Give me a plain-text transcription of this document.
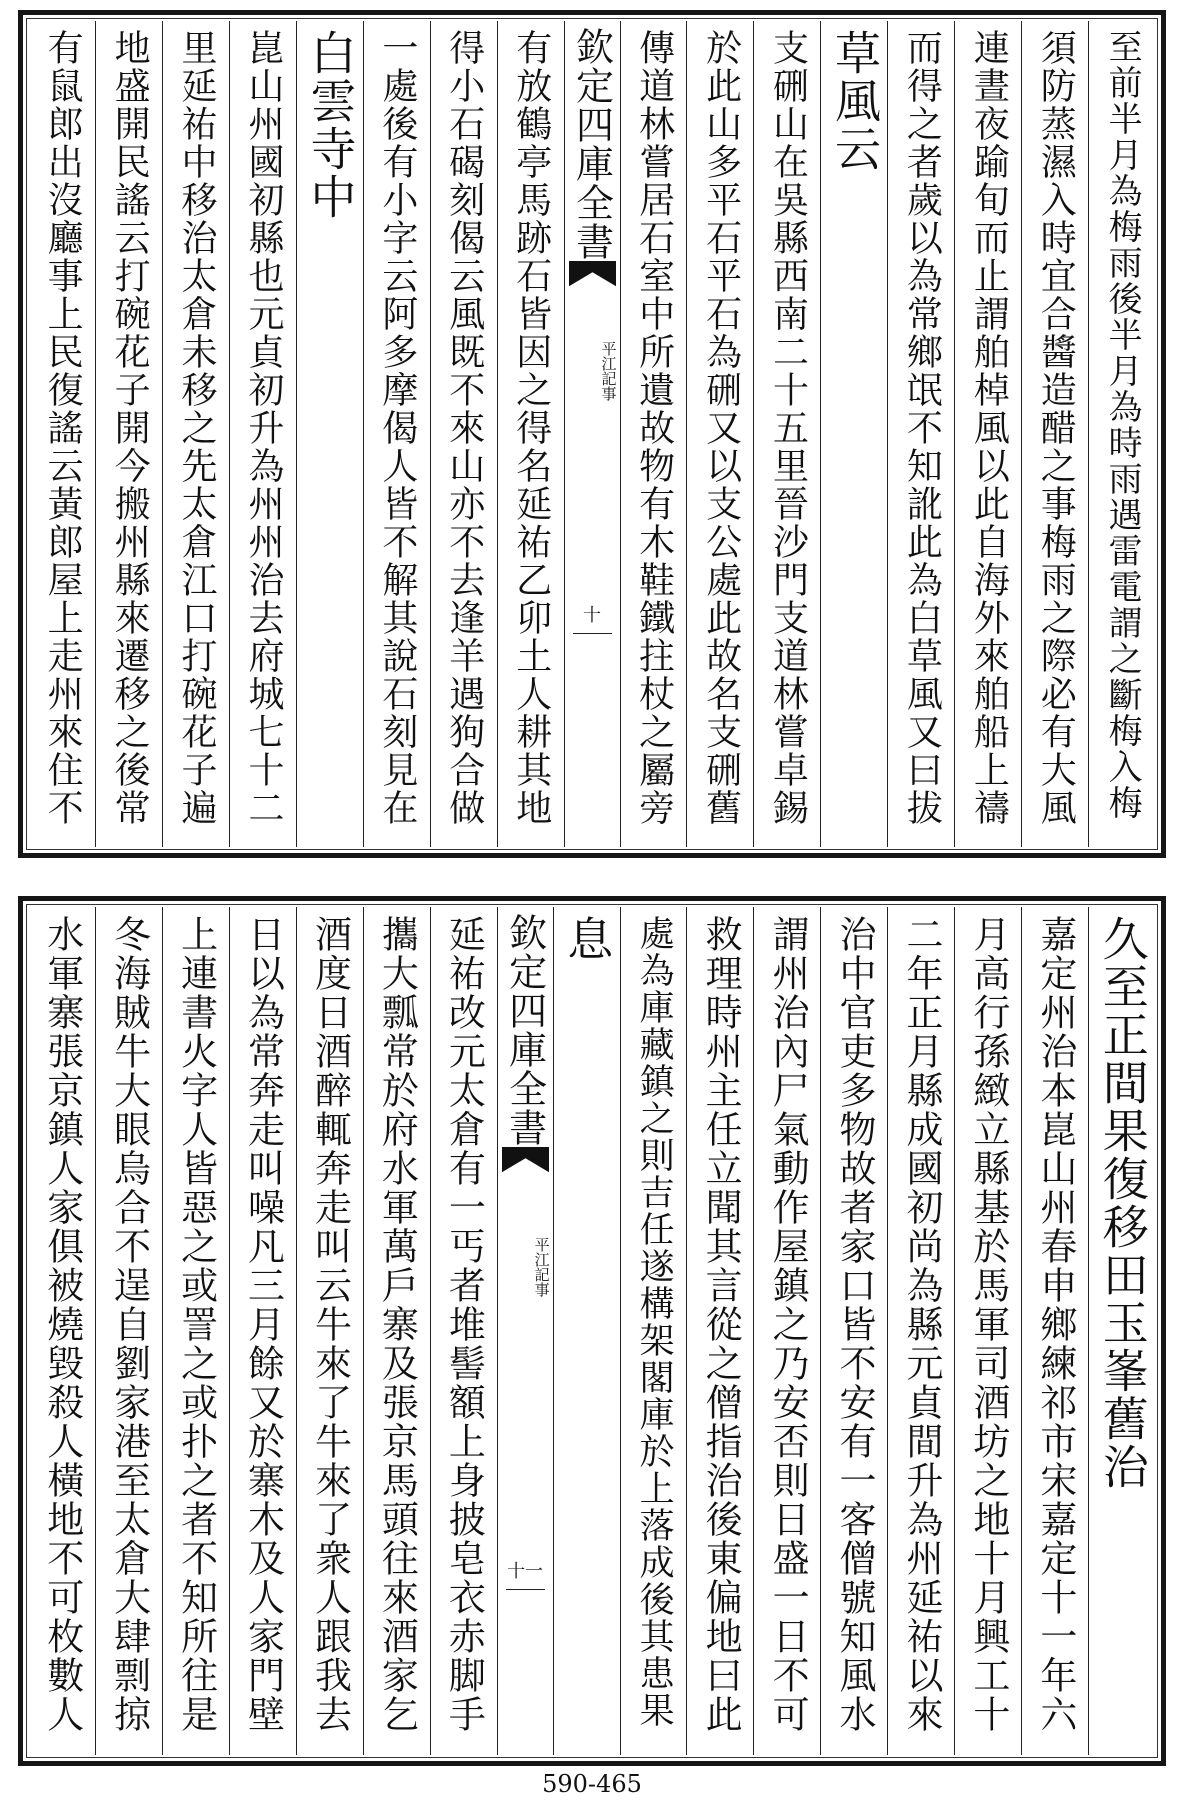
至前半月為梅雨後半月為時雨遇雷電謂之斷梅入梅
須防蒸濕入時宜合醬造醋之事梅雨之際必有大風
連晝夜踰旬而止謂舶棹風以此自海外來舶船上禱
而得之者歲以為常鄉氓不知訛此為白草風又曰拔
草風云
支硎山在吳縣西南二十五里晉沙門支道林嘗卓錫
於此山多平石平石為硎又以支公處此故名支硎舊
傳道林嘗居石室中所遺故物有木鞋鐵拄杖之屬旁
欽定四庫全書
平江記事
十
有放鶴亭馬跡石皆因之得名延祐乙卯土人耕其地
得小石碣刻偈云風既不來山亦不去逢羊遇狗合做
一處後有小字云阿多摩偈人皆不解其說石刻見在
白雲寺中
崑山州國初縣也元貞初升為州州治去府城七十二
里延祐中移治太倉未移之先太倉江口打碗花子遍
地盛開民謠云打碗花子開今搬州縣來遷移之後常
有鼠郎出沒廳事上民復謠云黃郎屋上走州來住不
久至正間果復移田玉峯舊治
嘉定州治本崑山州春申鄉練祁市宋嘉定十一年六
月高行孫緻立縣基於馬軍司酒坊之地十月興工十
二年正月縣成國初尚為縣元貞間升為州延祐以來
治中官吏多物故者家口皆不安有一客僧號知風水
謂州治內尸氣動作屋鎮之乃安否則日盛一日不可
救理時州主任立聞其言從之僧指治後東偏地曰此
處為庫藏鎮之則吉任遂構架閣庫於上落成後其患果
息
欽定四庫全書
平江記事
十一
延祐改元太倉有一丐者堆髻額上身披皂衣赤脚手
攜大瓢常於府水軍萬戶寨及張京馬頭往來酒家乞
酒度日酒醉輒奔走叫云牛來了牛來了衆人跟我去
日以為常奔走叫噪凡三月餘又於寨木及人家門壁
上連書火字人皆惡之或詈之或扑之者不知所往是
冬海賊牛大眼烏合不逞自劉家港至太倉大肆剽掠
水軍寨張京鎮人家俱被燒毀殺人橫地不可枚數人
590-465
